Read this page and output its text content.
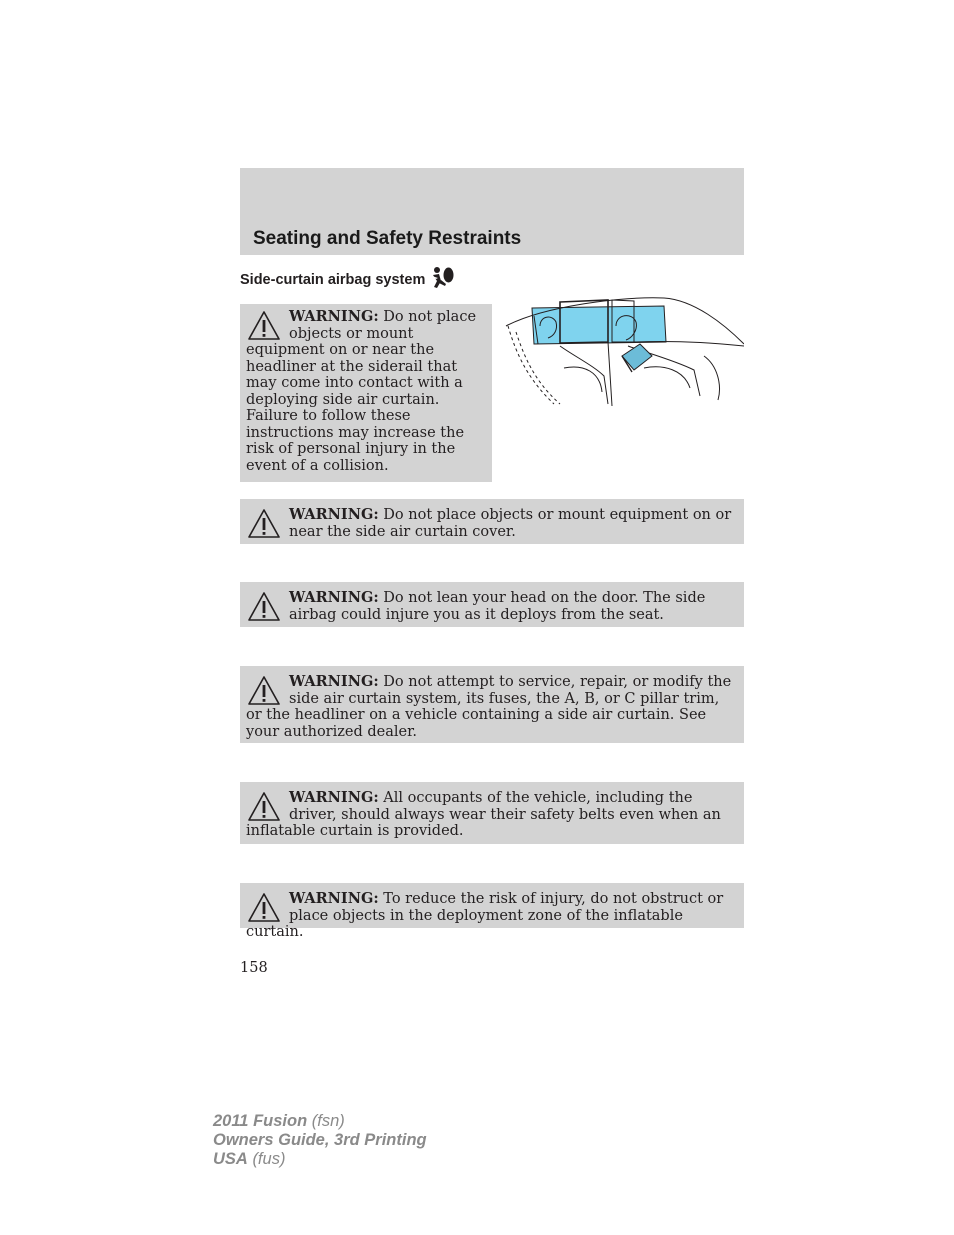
Seating and Safety Restraints
Side-curtain airbag system
WARNING: Do not place objects or mount equipment on or near the headliner at the siderail that may come into contact with a deploying side air curtain. Failure to follow these instructions may increase the risk of personal injury in the event of a collision.
WARNING: Do not place objects or mount equipment on or near the side air curtain cover.
WARNING: Do not lean your head on the door. The side airbag could injure you as it deploys from the seat.
WARNING: Do not attempt to service, repair, or modify the side air curtain system, its fuses, the A, B, or C pillar trim, or the headliner on a vehicle containing a side air curtain. See your authorized dealer.
WARNING: All occupants of the vehicle, including the driver, should always wear their safety belts even when an inflatable curtain is provided.
WARNING: To reduce the risk of injury, do not obstruct or place objects in the deployment zone of the inflatable curtain.
158
2011 Fusion (fsn)
Owners Guide, 3rd Printing
USA (fus)
